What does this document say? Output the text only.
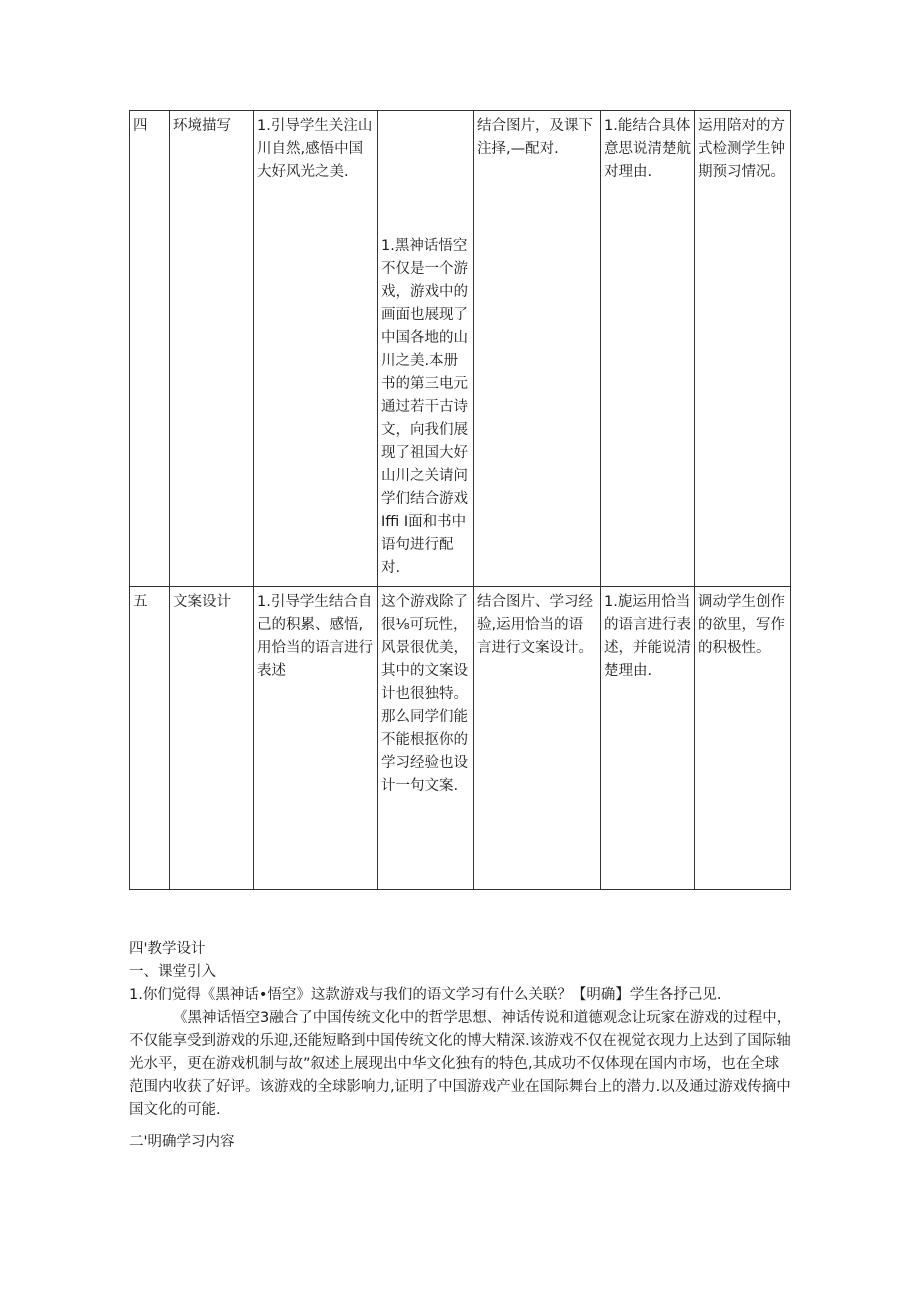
四	环境描写	1.引导学生关注山川自然,感悟中国大好风光之美.	1.黑神话悟空不仅是一个游戏，游戏中的画面也展现了中国各地的山川之美.本册书的第三电元通过若干古诗文，向我们展现了祖国大好山川之关请问学们结合游戏Iffi I面和书中语句进行配对.	结合图片，及课下注择,—配对.	1.能结合具体意思说清楚航对理由.	运用陪对的方式检测学生钟期预习情况。
五	文案设计	1.引导学生结合自己的积累、感悟,用恰当的语言进行表述	这个游戏除了很⅛可玩性，风景很优美，其中的文案设计也很独特。那么同学们能不能根抠你的学习经验也设计一句文案.	结合图片、学习经验,运用恰当的语言进行文案设计。	1.旎运用恰当的语言进行表述，并能说清楚理由.	调动学生创作的欲里，写作的积极性。

四'教学设计

一、课堂引入

1.你们觉得《黑神话•悟空》这款游戏与我们的语文学习有什么关联？【明确】学生各抒己见.

《黑神话悟空3融合了中国传统文化中的哲学思想、神话传说和道德观念让玩家在游戏的过程中，不仅能享受到游戏的乐迎,还能短略到中国传统文化的博大精深.该游戏不仅在视觉衣现力上达到了国际轴光水平，更在游戏机制与故”叙述上展现出中华文化独有的特色,其成功不仅体现在国内市场，也在全球范围内收获了好评。该游戏的全球影响力,证明了中国游戏产业在国际舞台上的潜力.以及通过游戏传摘中国文化的可能.

二'明确学习内容
